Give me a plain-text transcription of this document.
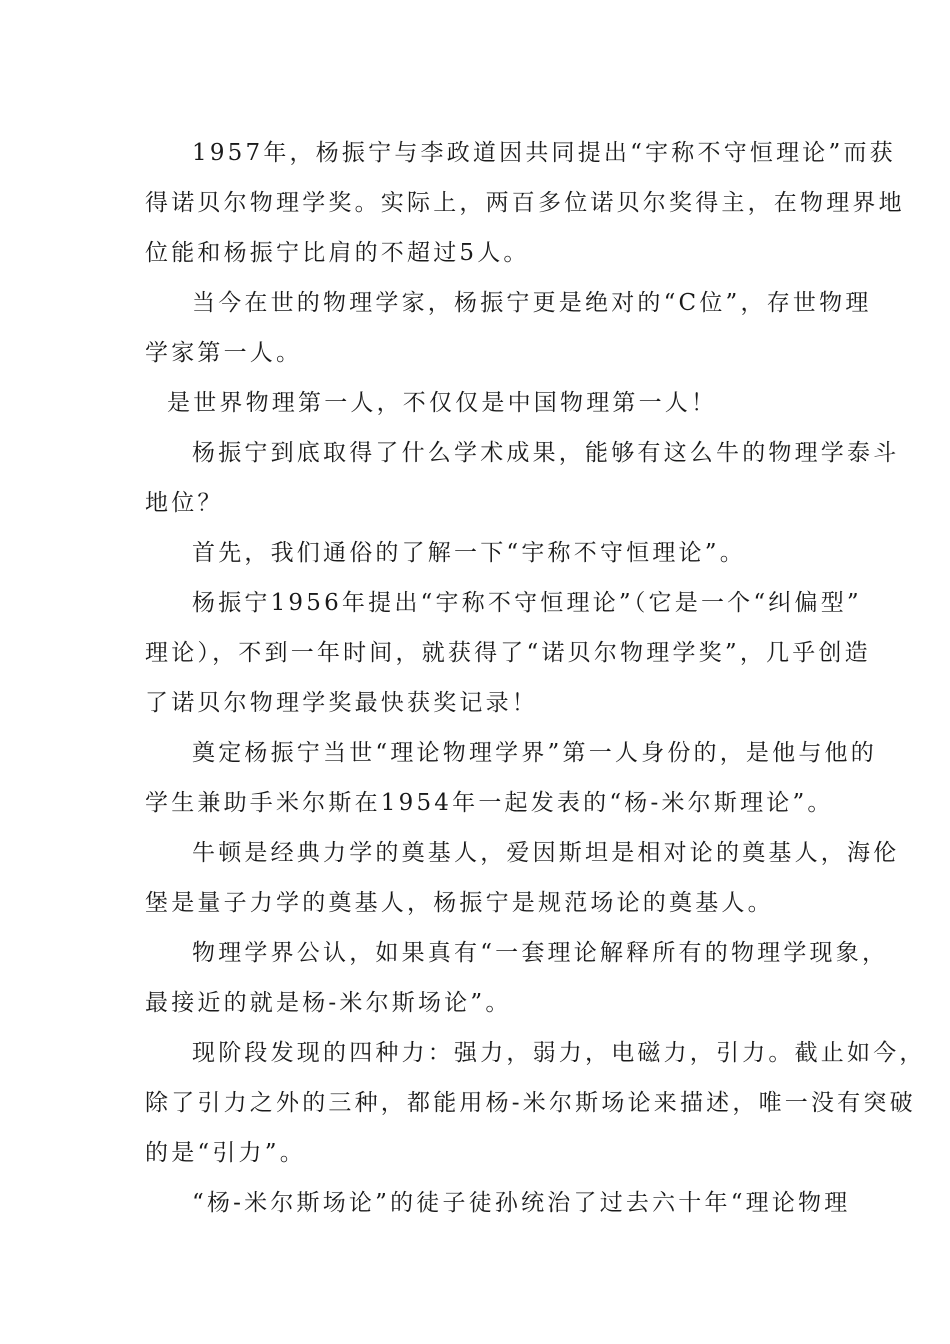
1957年，杨振宁与李政道因共同提出“宇称不守恒理论”而获
得诺贝尔物理学奖。实际上，两百多位诺贝尔奖得主，在物理界地
位能和杨振宁比肩的不超过5人。
当今在世的物理学家，杨振宁更是绝对的“C位”，存世物理
学家第一人。
是世界物理第一人，不仅仅是中国物理第一人！
杨振宁到底取得了什么学术成果，能够有这么牛的物理学泰斗
地位？
首先，我们通俗的了解一下“宇称不守恒理论”。
杨振宁1956年提出“宇称不守恒理论”（它是一个“纠偏型”
理论），不到一年时间，就获得了“诺贝尔物理学奖”，几乎创造
了诺贝尔物理学奖最快获奖记录！
奠定杨振宁当世“理论物理学界”第一人身份的，是他与他的
学生兼助手米尔斯在1954年一起发表的“杨-米尔斯理论”。
牛顿是经典力学的奠基人，爱因斯坦是相对论的奠基人，海伦
堡是量子力学的奠基人，杨振宁是规范场论的奠基人。
物理学界公认，如果真有“一套理论解释所有的物理学现象，
最接近的就是杨-米尔斯场论”。
现阶段发现的四种力：强力，弱力，电磁力，引力。截止如今，
除了引力之外的三种，都能用杨-米尔斯场论来描述，唯一没有突破
的是“引力”。
“杨-米尔斯场论”的徒子徒孙统治了过去六十年“理论物理
